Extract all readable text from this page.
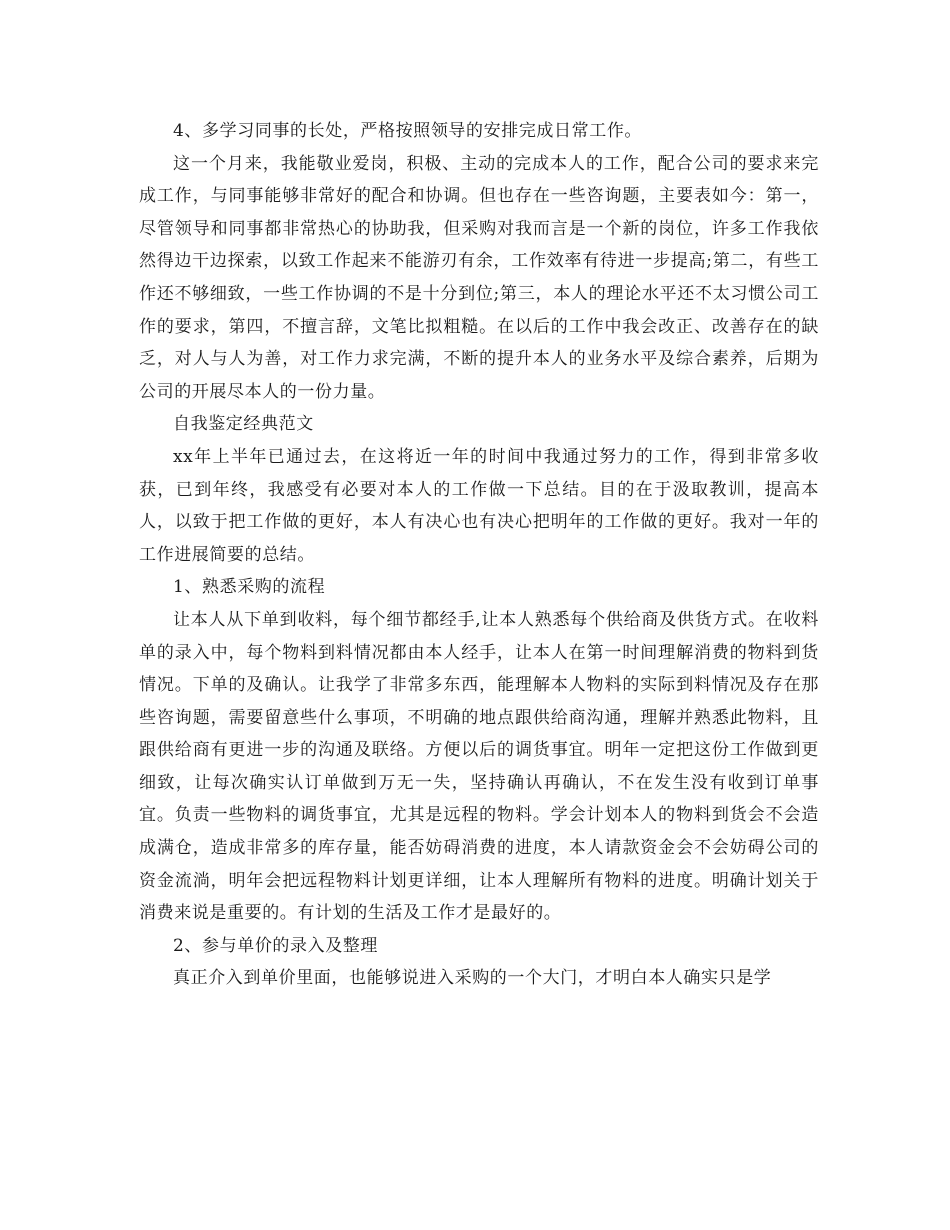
4、多学习同事的长处，严格按照领导的安排完成日常工作。

这一个月来，我能敬业爱岗，积极、主动的完成本人的工作，配合公司的要求来完成工作，与同事能够非常好的配合和协调。但也存在一些咨询题，主要表如今：第一，尽管领导和同事都非常热心的协助我，但采购对我而言是一个新的岗位，许多工作我依然得边干边探索，以致工作起来不能游刃有余，工作效率有待进一步提高;第二，有些工作还不够细致，一些工作协调的不是十分到位;第三，本人的理论水平还不太习惯公司工作的要求，第四，不擅言辞，文笔比拟粗糙。在以后的工作中我会改正、改善存在的缺乏，对人与人为善，对工作力求完满，不断的提升本人的业务水平及综合素养，后期为公司的开展尽本人的一份力量。

自我鉴定经典范文

xx年上半年已通过去，在这将近一年的时间中我通过努力的工作，得到非常多收获，已到年终，我感受有必要对本人的工作做一下总结。目的在于汲取教训，提高本人，以致于把工作做的更好，本人有决心也有决心把明年的工作做的更好。我对一年的工作进展简要的总结。

1、熟悉采购的流程

让本人从下单到收料，每个细节都经手,让本人熟悉每个供给商及供货方式。在收料单的录入中，每个物料到料情况都由本人经手，让本人在第一时间理解消费的物料到货情况。下单的及确认。让我学了非常多东西，能理解本人物料的实际到料情况及存在那些咨询题，需要留意些什么事项，不明确的地点跟供给商沟通，理解并熟悉此物料，且跟供给商有更进一步的沟通及联络。方便以后的调货事宜。明年一定把这份工作做到更细致，让每次确实认订单做到万无一失，坚持确认再确认，不在发生没有收到订单事宜。负责一些物料的调货事宜，尤其是远程的物料。学会计划本人的物料到货会不会造成满仓，造成非常多的库存量，能否妨碍消费的进度，本人请款资金会不会妨碍公司的资金流淌，明年会把远程物料计划更详细，让本人理解所有物料的进度。明确计划关于消费来说是重要的。有计划的生活及工作才是最好的。

2、参与单价的录入及整理

真正介入到单价里面，也能够说进入采购的一个大门，才明白本人确实只是学
